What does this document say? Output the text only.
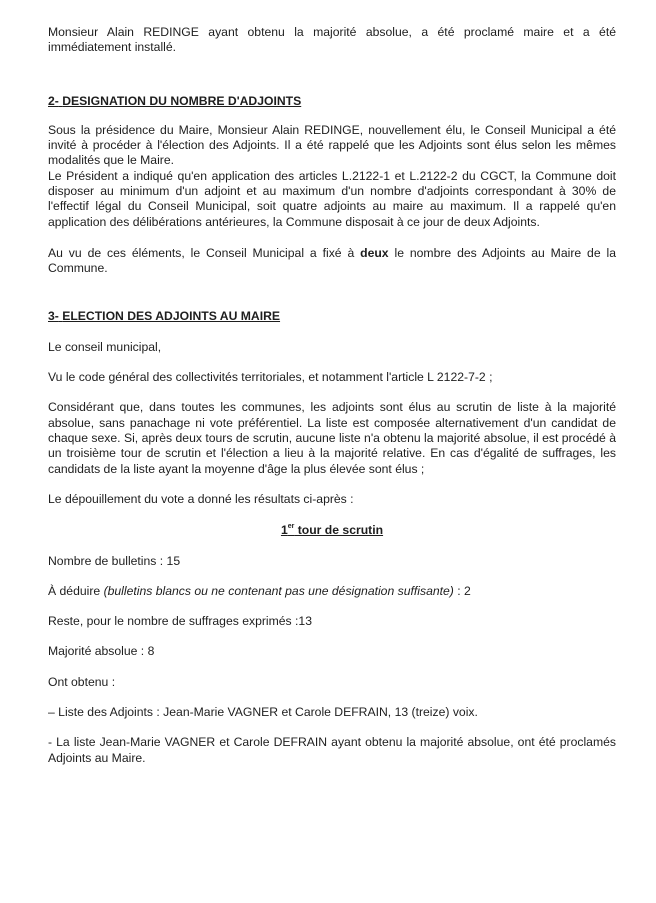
Monsieur Alain REDINGE ayant obtenu la majorité absolue, a été proclamé maire et a été immédiatement installé.

2- DESIGNATION DU NOMBRE D'ADJOINTS

Sous la présidence du Maire, Monsieur Alain REDINGE, nouvellement élu, le Conseil Municipal a été invité à procéder à l'élection des Adjoints. Il a été rappelé que les Adjoints sont élus selon les mêmes modalités que le Maire.

Le Président a indiqué qu'en application des articles L.2122-1 et L.2122-2 du CGCT, la Commune doit disposer au minimum d'un adjoint et au maximum d'un nombre d'adjoints correspondant à 30% de l'effectif légal du Conseil Municipal, soit quatre adjoints au maire au maximum. Il a rappelé qu'en application des délibérations antérieures, la Commune disposait à ce jour de deux Adjoints.

Au vu de ces éléments, le Conseil Municipal a fixé à deux le nombre des Adjoints au Maire de la Commune.

3- ELECTION DES ADJOINTS AU MAIRE

Le conseil municipal,

Vu le code général des collectivités territoriales, et notamment l'article L 2122-7-2 ;

Considérant que, dans toutes les communes, les adjoints sont élus au scrutin de liste à la majorité absolue, sans panachage ni vote préférentiel. La liste est composée alternativement d'un candidat de chaque sexe. Si, après deux tours de scrutin, aucune liste n'a obtenu la majorité absolue, il est procédé à un troisième tour de scrutin et l'élection a lieu à la majorité relative. En cas d'égalité de suffrages, les candidats de la liste ayant la moyenne d'âge la plus élevée sont élus ;

Le dépouillement du vote a donné les résultats ci-après :

1er tour de scrutin

Nombre de bulletins : 15

À déduire (bulletins blancs ou ne contenant pas une désignation suffisante) : 2

Reste, pour le nombre de suffrages exprimés :13

Majorité absolue : 8

Ont obtenu :

– Liste des Adjoints : Jean-Marie VAGNER et Carole DEFRAIN, 13 (treize) voix.

- La liste Jean-Marie VAGNER et Carole DEFRAIN ayant obtenu la majorité absolue, ont été proclamés Adjoints au Maire.
